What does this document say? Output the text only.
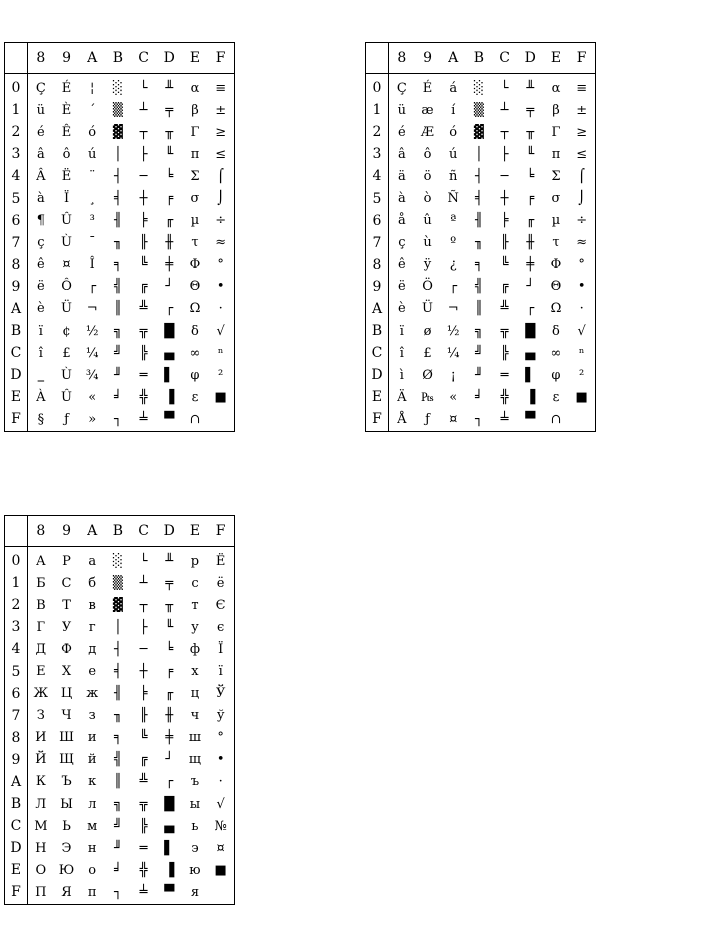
	8	9	A	B	C	D	E	F
0	Ç	É	¦	░	└	╨	α	≡
1	ü	È	´	▒	┴	╤	β	±
2	é	Ê	ó	▓	┬	╥	Γ	≥
3	â	ô	ú	│	├	╙	π	≤
4	Â	Ë	¨	┤	─	╘	Σ	⌠
5	à	Ï	¸	╡	┼	╒	σ	⌡
6	¶	Û	³	╢	╞	╓	µ	÷
7	ç	Ù	¯	╖	╟	╫	τ	≈
8	ê	¤	Î	╕	╚	╪	Φ	°
9	ë	Ô	┌	╣	╔	┘	Θ	•
A	è	Ü	¬	║	╩	┌	Ω	·
B	ï	¢	½	╗	╦	█	δ	√
C	î	£	¼	╝	╠	▄	∞	ⁿ
D	‗	Ù	¾	╜	═	▌	φ	²
E	À	Û	«	╛	╬	▐	ε	■
F	§	ƒ	»	┐	╧	▀	∩	
	8	9	A	B	C	D	E	F
0	Ç	É	á	░	└	╨	α	≡
1	ü	æ	í	▒	┴	╤	β	±
2	é	Æ	ó	▓	┬	╥	Γ	≥
3	â	ô	ú	│	├	╙	π	≤
4	ä	ö	ñ	┤	─	╘	Σ	⌠
5	à	ò	Ñ	╡	┼	╒	σ	⌡
6	å	û	ª	╢	╞	╓	µ	÷
7	ç	ù	º	╖	╟	╫	τ	≈
8	ê	ÿ	¿	╕	╚	╪	Φ	°
9	ë	Ö	┌	╣	╔	┘	Θ	•
A	è	Ü	¬	║	╩	┌	Ω	·
B	ï	ø	½	╗	╦	█	δ	√
C	î	£	¼	╝	╠	▄	∞	ⁿ
D	ì	Ø	¡	╜	═	▌	φ	²
E	Ä	₧	«	╛	╬	▐	ε	■
F	Å	ƒ	¤	┐	╧	▀	∩	
	8	9	A	B	C	D	E	F
0	А	Р	а	░	└	╨	р	Ё
1	Б	С	б	▒	┴	╤	с	ё
2	В	Т	в	▓	┬	╥	т	Є
3	Г	У	г	│	├	╙	у	є
4	Д	Ф	д	┤	─	╘	ф	Ї
5	Е	Х	е	╡	┼	╒	х	ї
6	Ж	Ц	ж	╢	╞	╓	ц	Ў
7	З	Ч	з	╖	╟	╫	ч	ў
8	И	Ш	и	╕	╚	╪	ш	°
9	Й	Щ	й	╣	╔	┘	щ	•
A	К	Ъ	к	║	╩	┌	ъ	·
B	Л	Ы	л	╗	╦	█	ы	√
C	М	Ь	м	╝	╠	▄	ь	№
D	Н	Э	н	╜	═	▌	э	¤
E	О	Ю	о	╛	╬	▐	ю	■
F	П	Я	п	┐	╧	▀	я	
